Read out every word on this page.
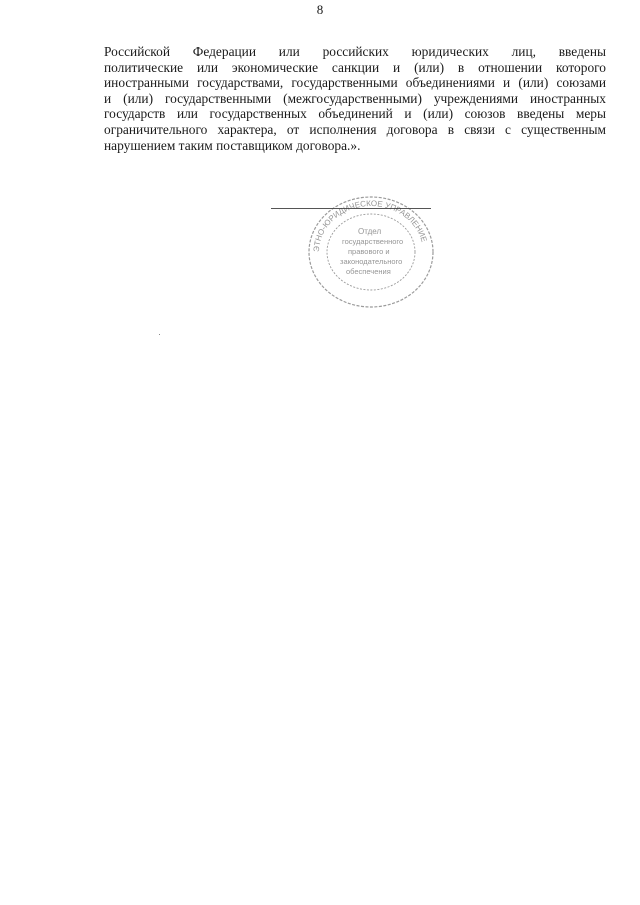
8
Российской Федерации или российских юридических лиц, введены
политические или экономические санкции и (или) в отношении которого
иностранными государствами, государственными объединениями и (или) союзами
и (или) государственными (межгосударственными) учреждениями иностранных
государств или государственных объединений и (или) союзов введены меры
ограничительного характера, от исполнения договора в связи с существенным
нарушением таким поставщиком договора.».
ЭТНО-ЮРИДИЧЕСКОЕ УПРАВЛЕНИЕ
Отдел
государственного
правового и
законодательного
обеспечения
